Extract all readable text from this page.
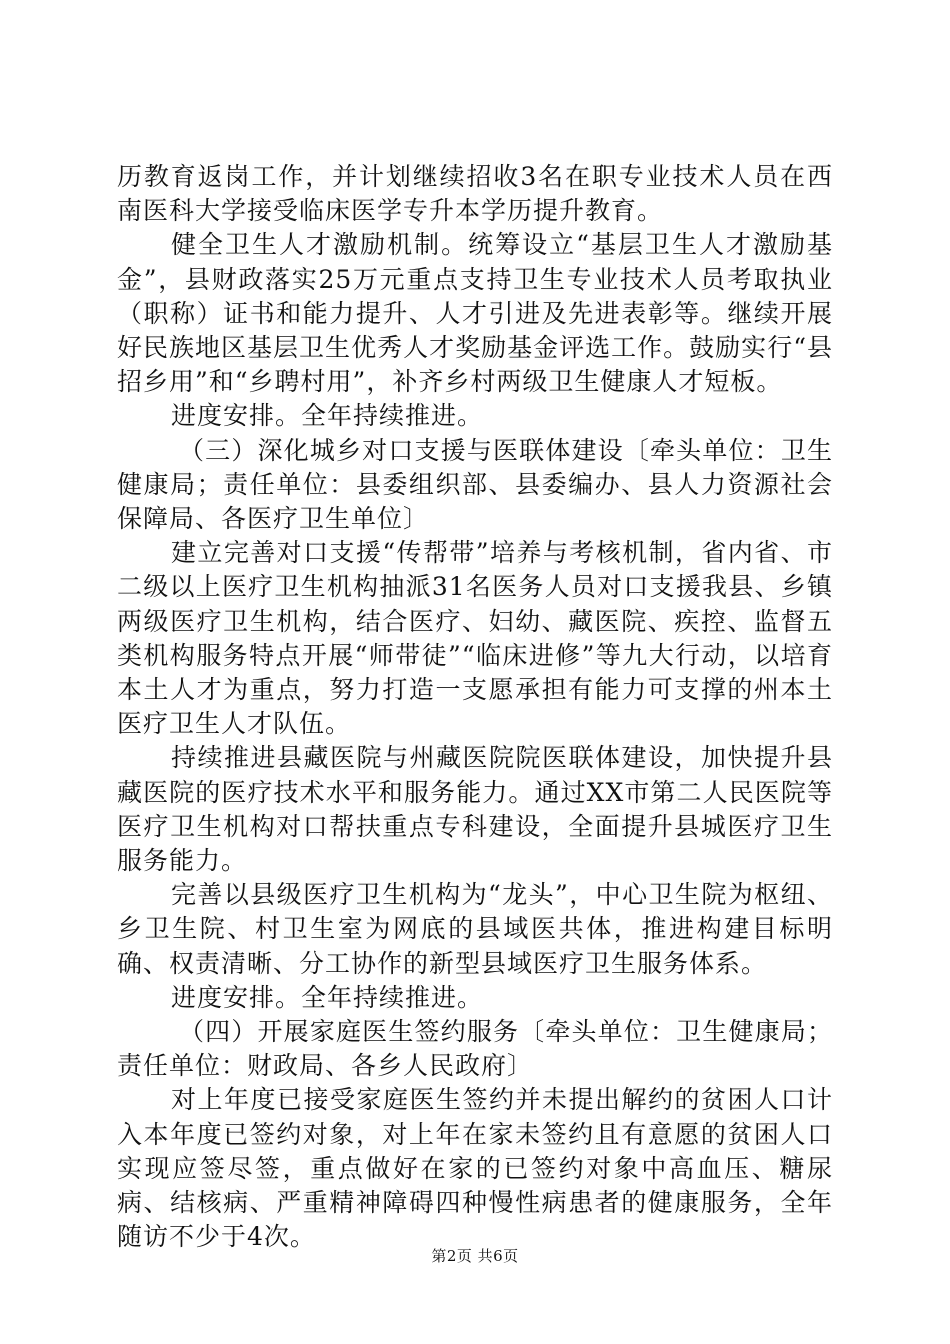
历教育返岗工作，并计划继续招收3名在职专业技术人员在西南医科大学接受临床医学专升本学历提升教育。

健全卫生人才激励机制。统筹设立“基层卫生人才激励基金”，县财政落实25万元重点支持卫生专业技术人员考取执业（职称）证书和能力提升、人才引进及先进表彰等。继续开展好民族地区基层卫生优秀人才奖励基金评选工作。鼓励实行“县招乡用”和“乡聘村用”，补齐乡村两级卫生健康人才短板。

进度安排。全年持续推进。

（三）深化城乡对口支援与医联体建设〔牵头单位：卫生健康局；责任单位：县委组织部、县委编办、县人力资源社会保障局、各医疗卫生单位〕

建立完善对口支援“传帮带”培养与考核机制，省内省、市二级以上医疗卫生机构抽派31名医务人员对口支援我县、乡镇两级医疗卫生机构，结合医疗、妇幼、藏医院、疾控、监督五类机构服务特点开展“师带徒”“临床进修”等九大行动，以培育本土人才为重点，努力打造一支愿承担有能力可支撑的州本土医疗卫生人才队伍。

持续推进县藏医院与州藏医院院医联体建设，加快提升县藏医院的医疗技术水平和服务能力。通过XX市第二人民医院等医疗卫生机构对口帮扶重点专科建设，全面提升县城医疗卫生服务能力。

完善以县级医疗卫生机构为“龙头”，中心卫生院为枢纽、乡卫生院、村卫生室为网底的县域医共体，推进构建目标明确、权责清晰、分工协作的新型县域医疗卫生服务体系。

进度安排。全年持续推进。

（四）开展家庭医生签约服务〔牵头单位：卫生健康局；责任单位：财政局、各乡人民政府〕

对上年度已接受家庭医生签约并未提出解约的贫困人口计入本年度已签约对象，对上年在家未签约且有意愿的贫困人口实现应签尽签，重点做好在家的已签约对象中高血压、糖尿病、结核病、严重精神障碍四种慢性病患者的健康服务，全年随访不少于4次。

第2页 共6页
